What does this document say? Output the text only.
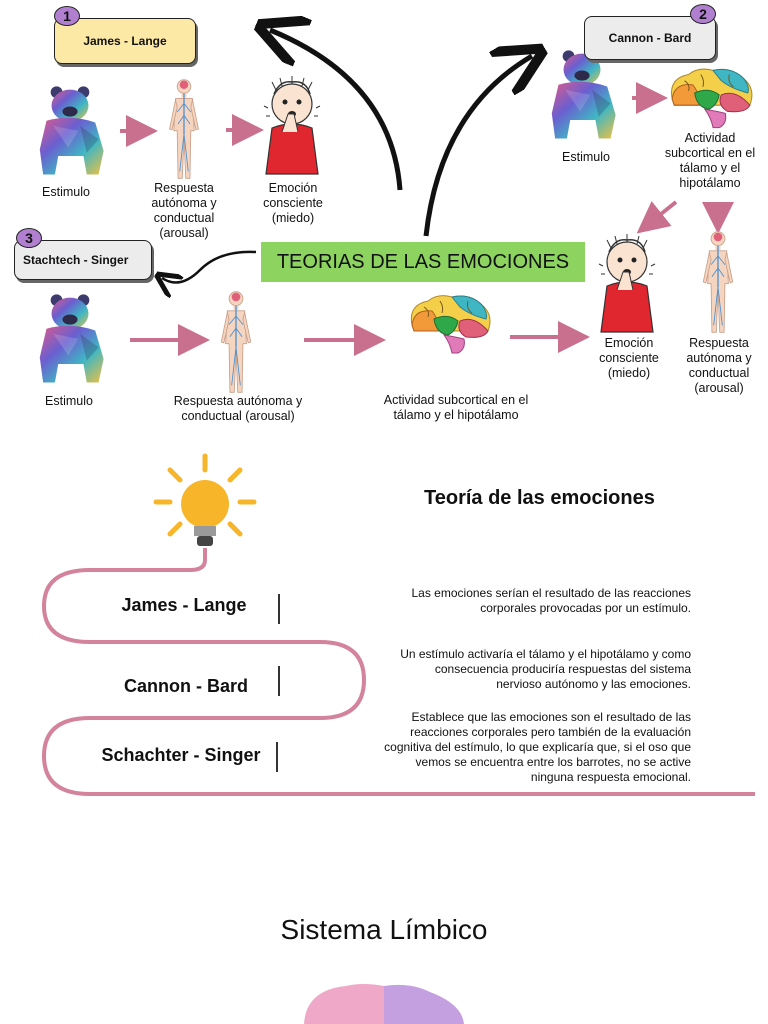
James - Lange
1
Cannon - Bard
2
Stachtech - Singer
3
TEORIAS DE LAS EMOCIONES
Estimulo	Respuesta autónoma y conductual (arousal)
Emoción consciente (miedo)
Estimulo
Actividad subcortical en el tálamo y el hipotálamo
Emoción consciente (miedo)
Respuesta autónoma y conductual (arousal)
Estimulo	Respuesta autónoma y conductual (arousal)
Actividad subcortical en el tálamo y el hipotálamo
Teoría de las emociones
James - Lange
Las emociones serían el resultado de las reacciones corporales provocadas por un estímulo.
Cannon - Bard
Un estímulo activaría el tálamo y el hipotálamo y como consecuencia produciría respuestas del sistema nervioso autónomo y las emociones.
Schachter - Singer
Establece que las emociones son el resultado de las reacciones corporales pero también de la evaluación cognitiva del estímulo, lo que explicaría que, si el oso que vemos se encuentra entre los barrotes, no se active ninguna respuesta emocional.
Sistema Límbico
